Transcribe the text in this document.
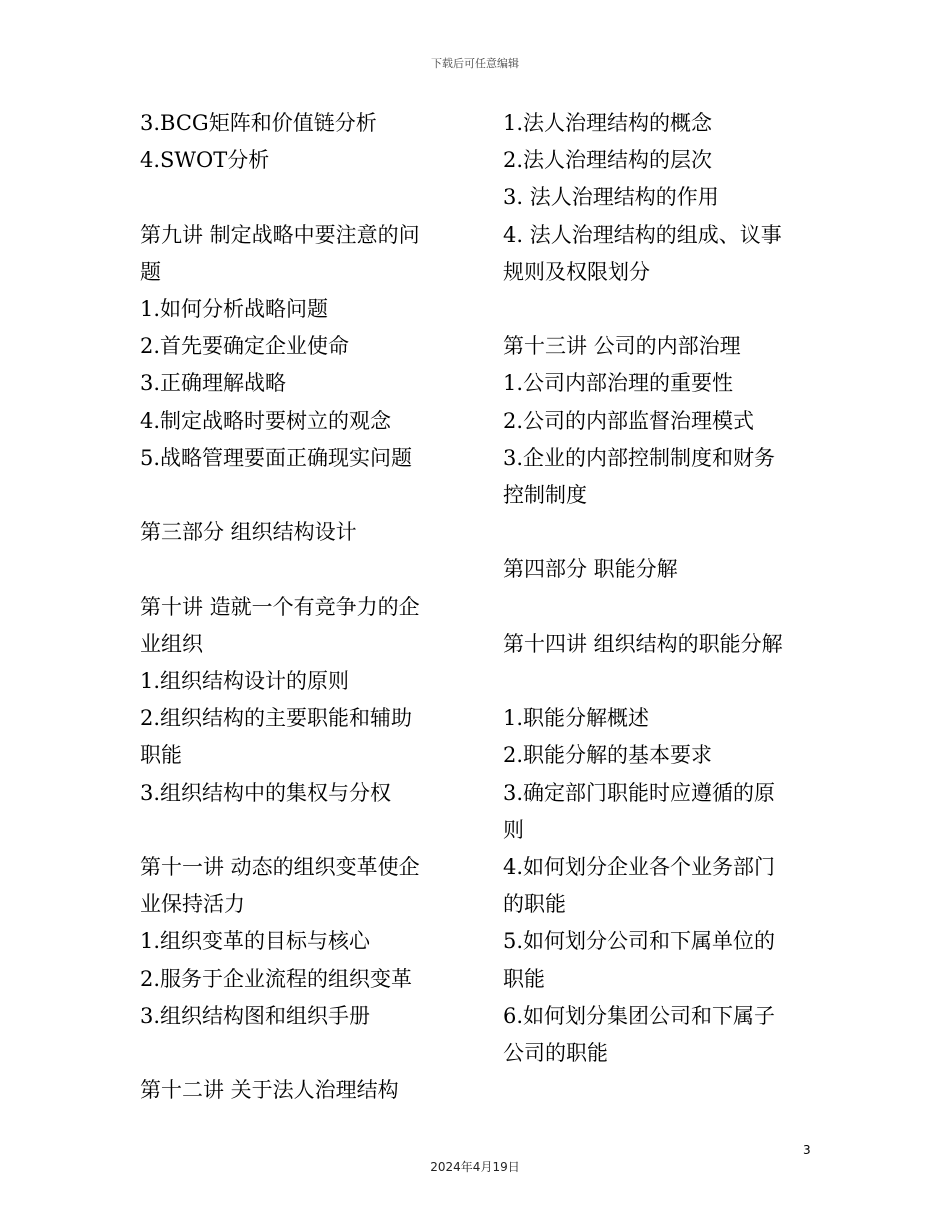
下载后可任意编辑
3.BCG矩阵和价值链分析
4.SWOT分析
第九讲 制定战略中要注意的问
题
1.如何分析战略问题
2.首先要确定企业使命
3.正确理解战略
4.制定战略时要树立的观念
5.战略管理要面正确现实问题
第三部分 组织结构设计
第十讲 造就一个有竞争力的企
业组织
1.组织结构设计的原则
2.组织结构的主要职能和辅助
职能
3.组织结构中的集权与分权
第十一讲 动态的组织变革使企
业保持活力
1.组织变革的目标与核心
2.服务于企业流程的组织变革
3.组织结构图和组织手册
第十二讲 关于法人治理结构
1.法人治理结构的概念
2.法人治理结构的层次
3. 法人治理结构的作用
4. 法人治理结构的组成、议事
规则及权限划分
第十三讲 公司的内部治理
1.公司内部治理的重要性
2.公司的内部监督治理模式
3.企业的内部控制制度和财务
控制制度
第四部分 职能分解
第十四讲 组织结构的职能分解
1.职能分解概述
2.职能分解的基本要求
3.确定部门职能时应遵循的原
则
4.如何划分企业各个业务部门
的职能
5.如何划分公司和下属单位的
职能
6.如何划分集团公司和下属子
公司的职能
3
2024年4月19日
